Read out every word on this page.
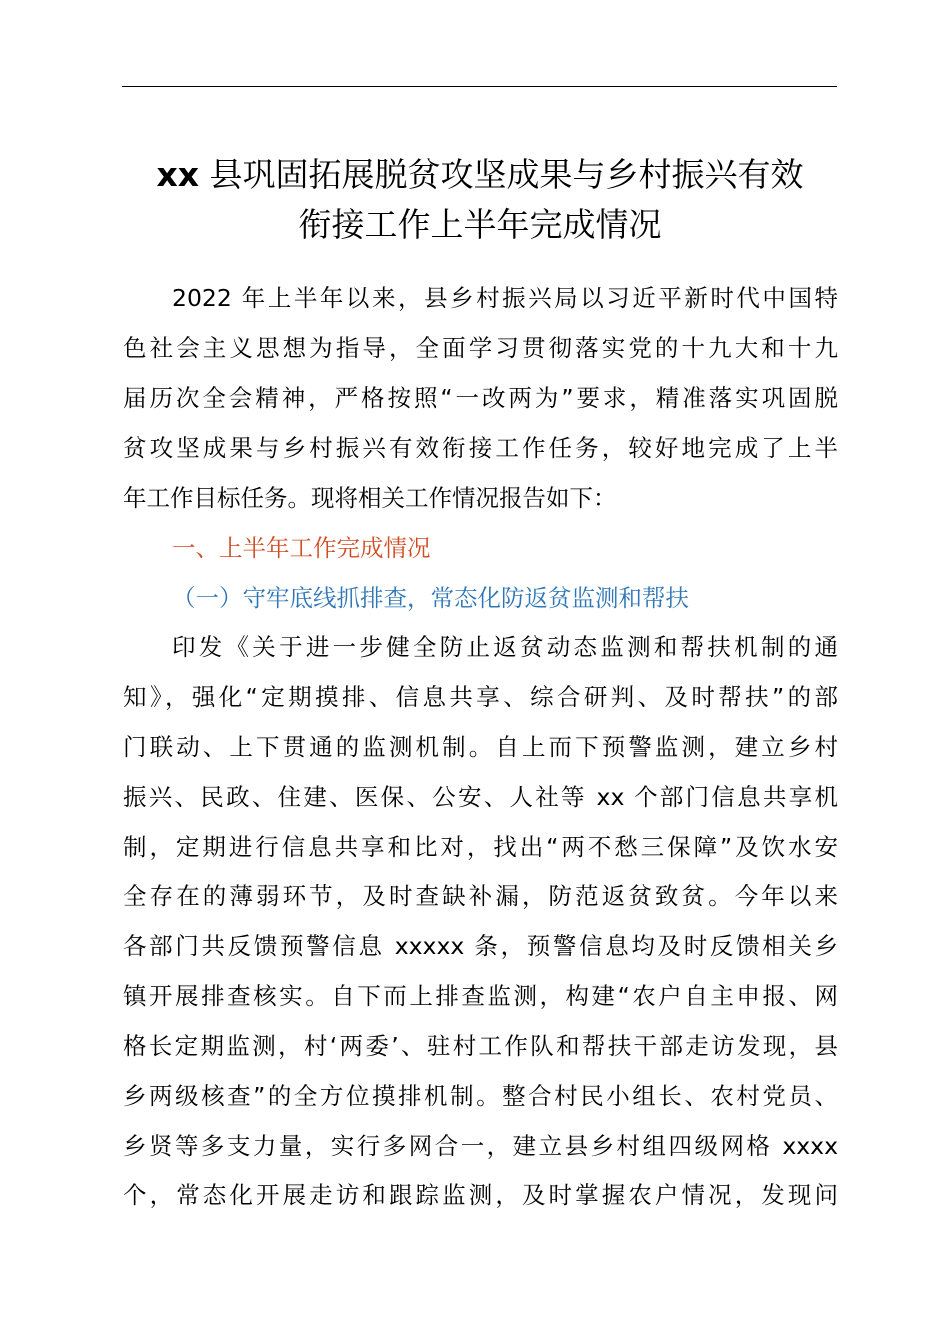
xx 县巩固拓展脱贫攻坚成果与乡村振兴有效
衔接工作上半年完成情况

2022 年上半年以来，县乡村振兴局以习近平新时代中国特

色社会主义思想为指导，全面学习贯彻落实党的十九大和十九

届历次全会精神，严格按照“一改两为”要求，精准落实巩固脱

贫攻坚成果与乡村振兴有效衔接工作任务，较好地完成了上半

年工作目标任务。现将相关工作情况报告如下：

一、上半年工作完成情况

（一）守牢底线抓排查，常态化防返贫监测和帮扶

印发《关于进一步健全防止返贫动态监测和帮扶机制的通

知》，强化“定期摸排、信息共享、综合研判、及时帮扶”的部

门联动、上下贯通的监测机制。自上而下预警监测，建立乡村

振兴、民政、住建、医保、公安、人社等 xx 个部门信息共享机

制，定期进行信息共享和比对，找出“两不愁三保障”及饮水安

全存在的薄弱环节，及时查缺补漏，防范返贫致贫。今年以来

各部门共反馈预警信息 xxxxx 条，预警信息均及时反馈相关乡

镇开展排查核实。自下而上排查监测，构建“农户自主申报、网

格长定期监测，村‘两委’、驻村工作队和帮扶干部走访发现，县

乡两级核查”的全方位摸排机制。整合村民小组长、农村党员、

乡贤等多支力量，实行多网合一，建立县乡村组四级网格 xxxx

个，常态化开展走访和跟踪监测，及时掌握农户情况，发现问
